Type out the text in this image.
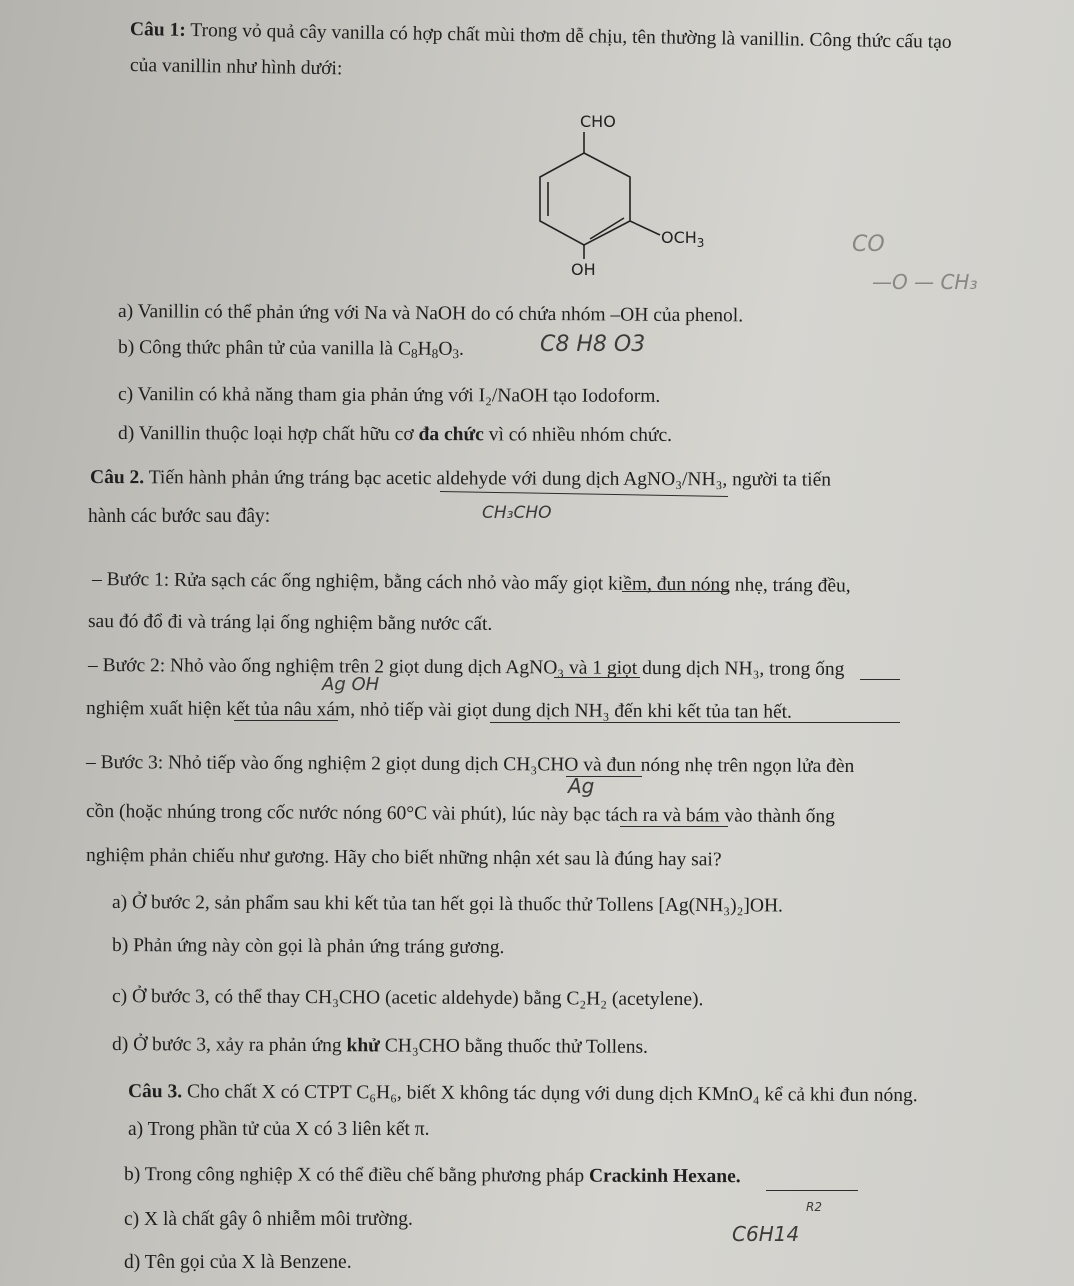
Câu 1: Trong vỏ quả cây vanilla có hợp chất mùi thơm dễ chịu, tên thường là vanillin. Công thức cấu tạo
của vanillin như hình dưới:
CHO
$OCH_3$
OH
a) Vanillin có thể phản ứng với Na và NaOH do có chứa nhóm –OH của phenol.
b) Công thức phân tử của vanilla là $C_8H_8O_3$.
c) Vanilin có khả năng tham gia phản ứng với I₂/NaOH tạo Iodoform.
d) Vanillin thuộc loại hợp chất hữu cơ đa chức vì có nhiều nhóm chức.
Câu 2. Tiến hành phản ứng tráng bạc acetic aldehyde với dung dịch AgNO₃/NH₃, người ta tiến
hành các bước sau đây:
– Bước 1: Rửa sạch các ống nghiệm, bằng cách nhỏ vào mấy giọt kiềm, đun nóng nhẹ, tráng đều,
sau đó đổ đi và tráng lại ống nghiệm bằng nước cất.
– Bước 2: Nhỏ vào ống nghiệm trên 2 giọt dung dịch AgNO₃ và 1 giọt dung dịch NH₃, trong ống
nghiệm xuất hiện kết tủa nâu xám, nhỏ tiếp vài giọt dung dịch NH₃ đến khi kết tủa tan hết.
– Bước 3: Nhỏ tiếp vào ống nghiệm 2 giọt dung dịch CH₃CHO và đun nóng nhẹ trên ngọn lửa đèn
cồn (hoặc nhúng trong cốc nước nóng 60°C vài phút), lúc này bạc tách ra và bám vào thành ống
nghiệm phản chiếu như gương. Hãy cho biết những nhận xét sau là đúng hay sai?
a) Ở bước 2, sản phẩm sau khi kết tủa tan hết gọi là thuốc thử Tollens [Ag(NH₃)₂]OH.
b) Phản ứng này còn gọi là phản ứng tráng gương.
c) Ở bước 3, có thể thay CH₃CHO (acetic aldehyde) bằng C₂H₂ (acetylene).
d) Ở bước 3, xảy ra phản ứng khử CH₃CHO bằng thuốc thử Tollens.
Câu 3. Cho chất X có CTPT C₆H₆, biết X không tác dụng với dung dịch KMnO₄ kể cả khi đun nóng.
a) Trong phần tử của X có 3 liên kết π.
b) Trong công nghiệp X có thể điều chế bằng phương pháp Crackinh Hexane.
c) X là chất gây ô nhiễm môi trường.
d) Tên gọi của X là Benzene.
CO
—O — CH₃
C8 H8 O3
CH₃CHO
Ag OH
Ag
C6H14
R2
